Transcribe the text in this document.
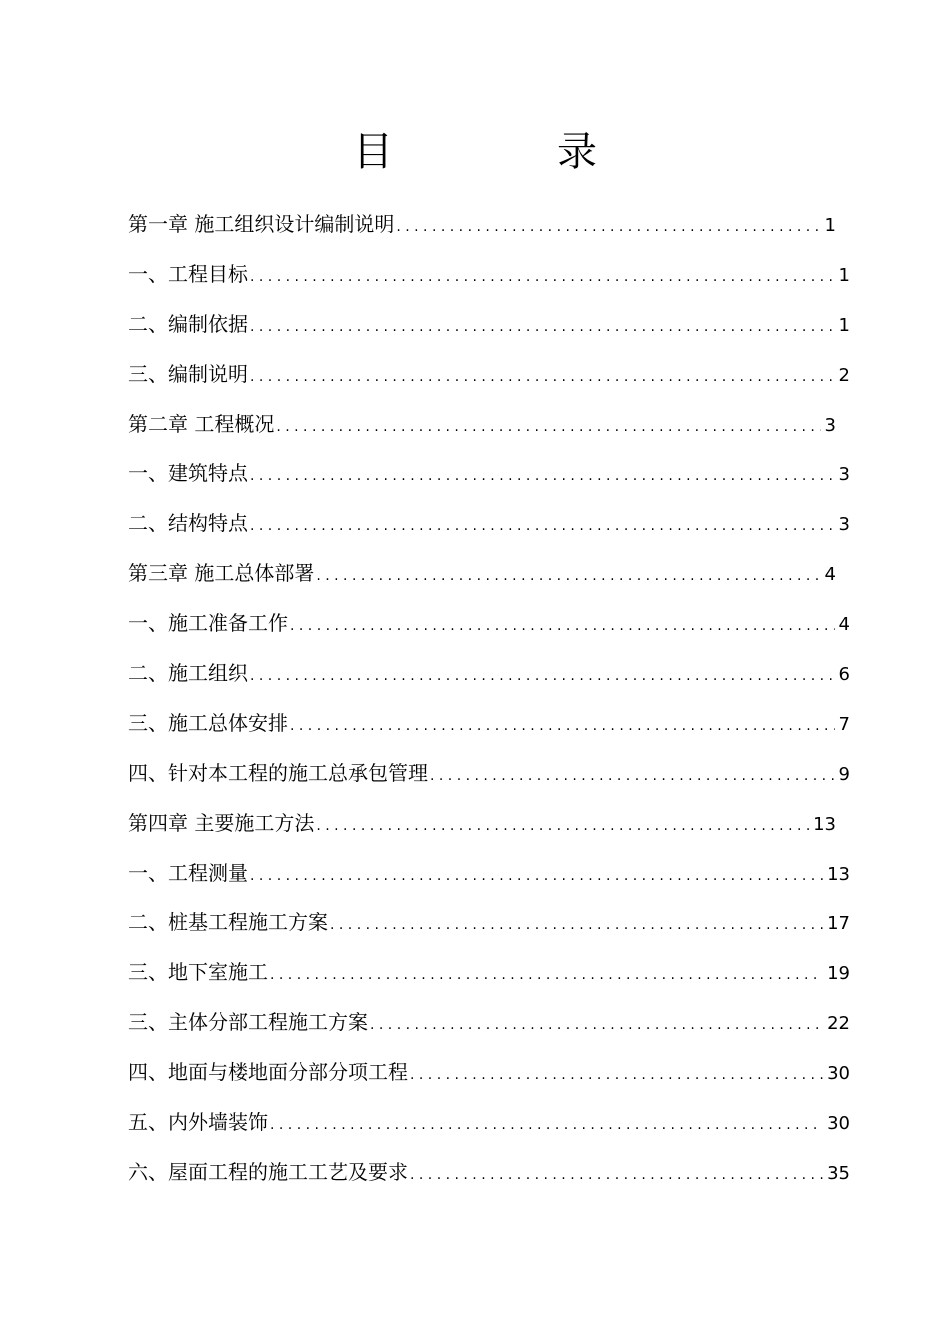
目　录
第一章 施工组织设计编制说明 . . .	1
一、工程目标 . . .	1
二、编制依据 . . .	1
三、编制说明 . . .	2
第二章 工程概况 . . .	3
一、建筑特点 . . .	3
二、结构特点 . . .	3
第三章 施工总体部署 . . .	4
一、施工准备工作 . . .	4
二、施工组织 . . .	6
三、施工总体安排 . . .	7
四、针对本工程的施工总承包管理 . . .	9
第四章 主要施工方法 . . .	13
一、工程测量 . . .	13
二、桩基工程施工方案 . . .	17
三、地下室施工 . . .	19
三、主体分部工程施工方案 . . .	22
四、地面与楼地面分部分项工程 . . .	30
五、内外墙装饰 . . .	30
六、屋面工程的施工工艺及要求 . . .	35
